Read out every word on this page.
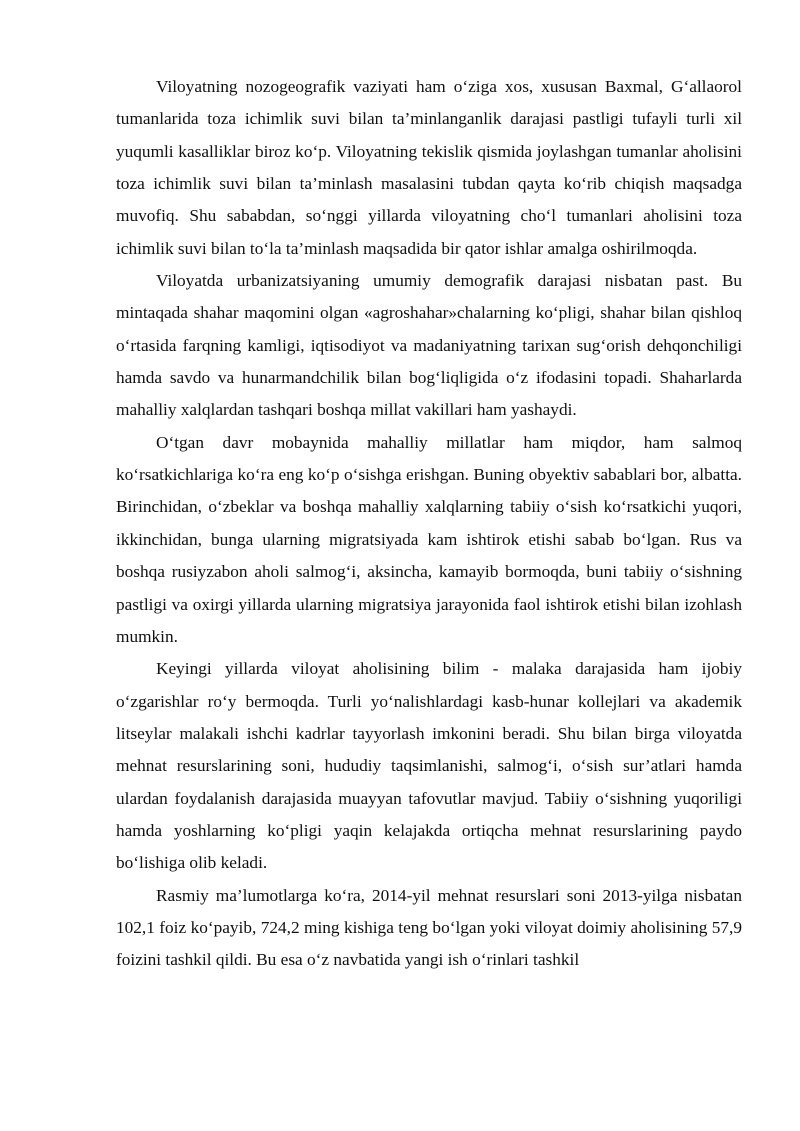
Viloyatning nozogeografik vaziyati ham o‘ziga xos, xususan Baxmal, G‘allaorol tumanlarida toza ichimlik suvi bilan ta’minlanganlik darajasi pastligi tufayli turli xil yuqumli kasalliklar biroz ko‘p. Viloyatning tekislik qismida joylashgan tumanlar aholisini toza ichimlik suvi bilan ta’minlash masalasini tubdan qayta ko‘rib chiqish maqsadga muvofiq. Shu sababdan, so‘nggi yillarda viloyatning cho‘l tumanlari aholisini toza ichimlik suvi bilan to‘la ta’minlash maqsadida bir qator ishlar amalga oshirilmoqda.

Viloyatda urbanizatsiyaning umumiy demografik darajasi nisbatan past. Bu mintaqada shahar maqomini olgan «agroshahar»chalarning ko‘pligi, shahar bilan qishloq o‘rtasida farqning kamligi, iqtisodiyot va madaniyatning tarixan sug‘orish dehqonchiligi hamda savdo va hunarmandchilik bilan bog‘liqligida o‘z ifodasini topadi. Shaharlarda mahalliy xalqlardan tashqari boshqa millat vakillari ham yashaydi.

O‘tgan davr mobaynida mahalliy millatlar ham miqdor, ham salmoq ko‘rsatkichlariga ko‘ra eng ko‘p o‘sishga erishgan. Buning obyektiv sabablari bor, albatta. Birinchidan, o‘zbeklar va boshqa mahalliy xalqlarning tabiiy o‘sish ko‘rsatkichi yuqori, ikkinchidan, bunga ularning migratsiyada kam ishtirok etishi sabab bo‘lgan. Rus va boshqa rusiyzabon aholi salmog‘i, aksincha, kamayib bormoqda, buni tabiiy o‘sishning pastligi va oxirgi yillarda ularning migratsiya jarayonida faol ishtirok etishi bilan izohlash mumkin.

Keyingi yillarda viloyat aholisining bilim - malaka darajasida ham ijobiy o‘zgarishlar ro‘y bermoqda. Turli yo‘nalishlardagi kasb-hunar kollejlari va akademik litseylar malakali ishchi kadrlar tayyorlash imkonini beradi. Shu bilan birga viloyatda mehnat resurslarining soni, hududiy taqsimlanishi, salmog‘i, o‘sish sur’atlari hamda ulardan foydalanish darajasida muayyan tafovutlar mavjud. Tabiiy o‘sishning yuqoriligi hamda yoshlarning ko‘pligi yaqin kelajakda ortiqcha mehnat resurslarining paydo bo‘lishiga olib keladi.

Rasmiy ma’lumotlarga ko‘ra, 2014-yil mehnat resurslari soni 2013-yilga nisbatan 102,1 foiz ko‘payib, 724,2 ming kishiga teng bo‘lgan yoki viloyat doimiy aholisining 57,9 foizini tashkil qildi. Bu esa o‘z navbatida yangi ish o‘rinlari tashkil
